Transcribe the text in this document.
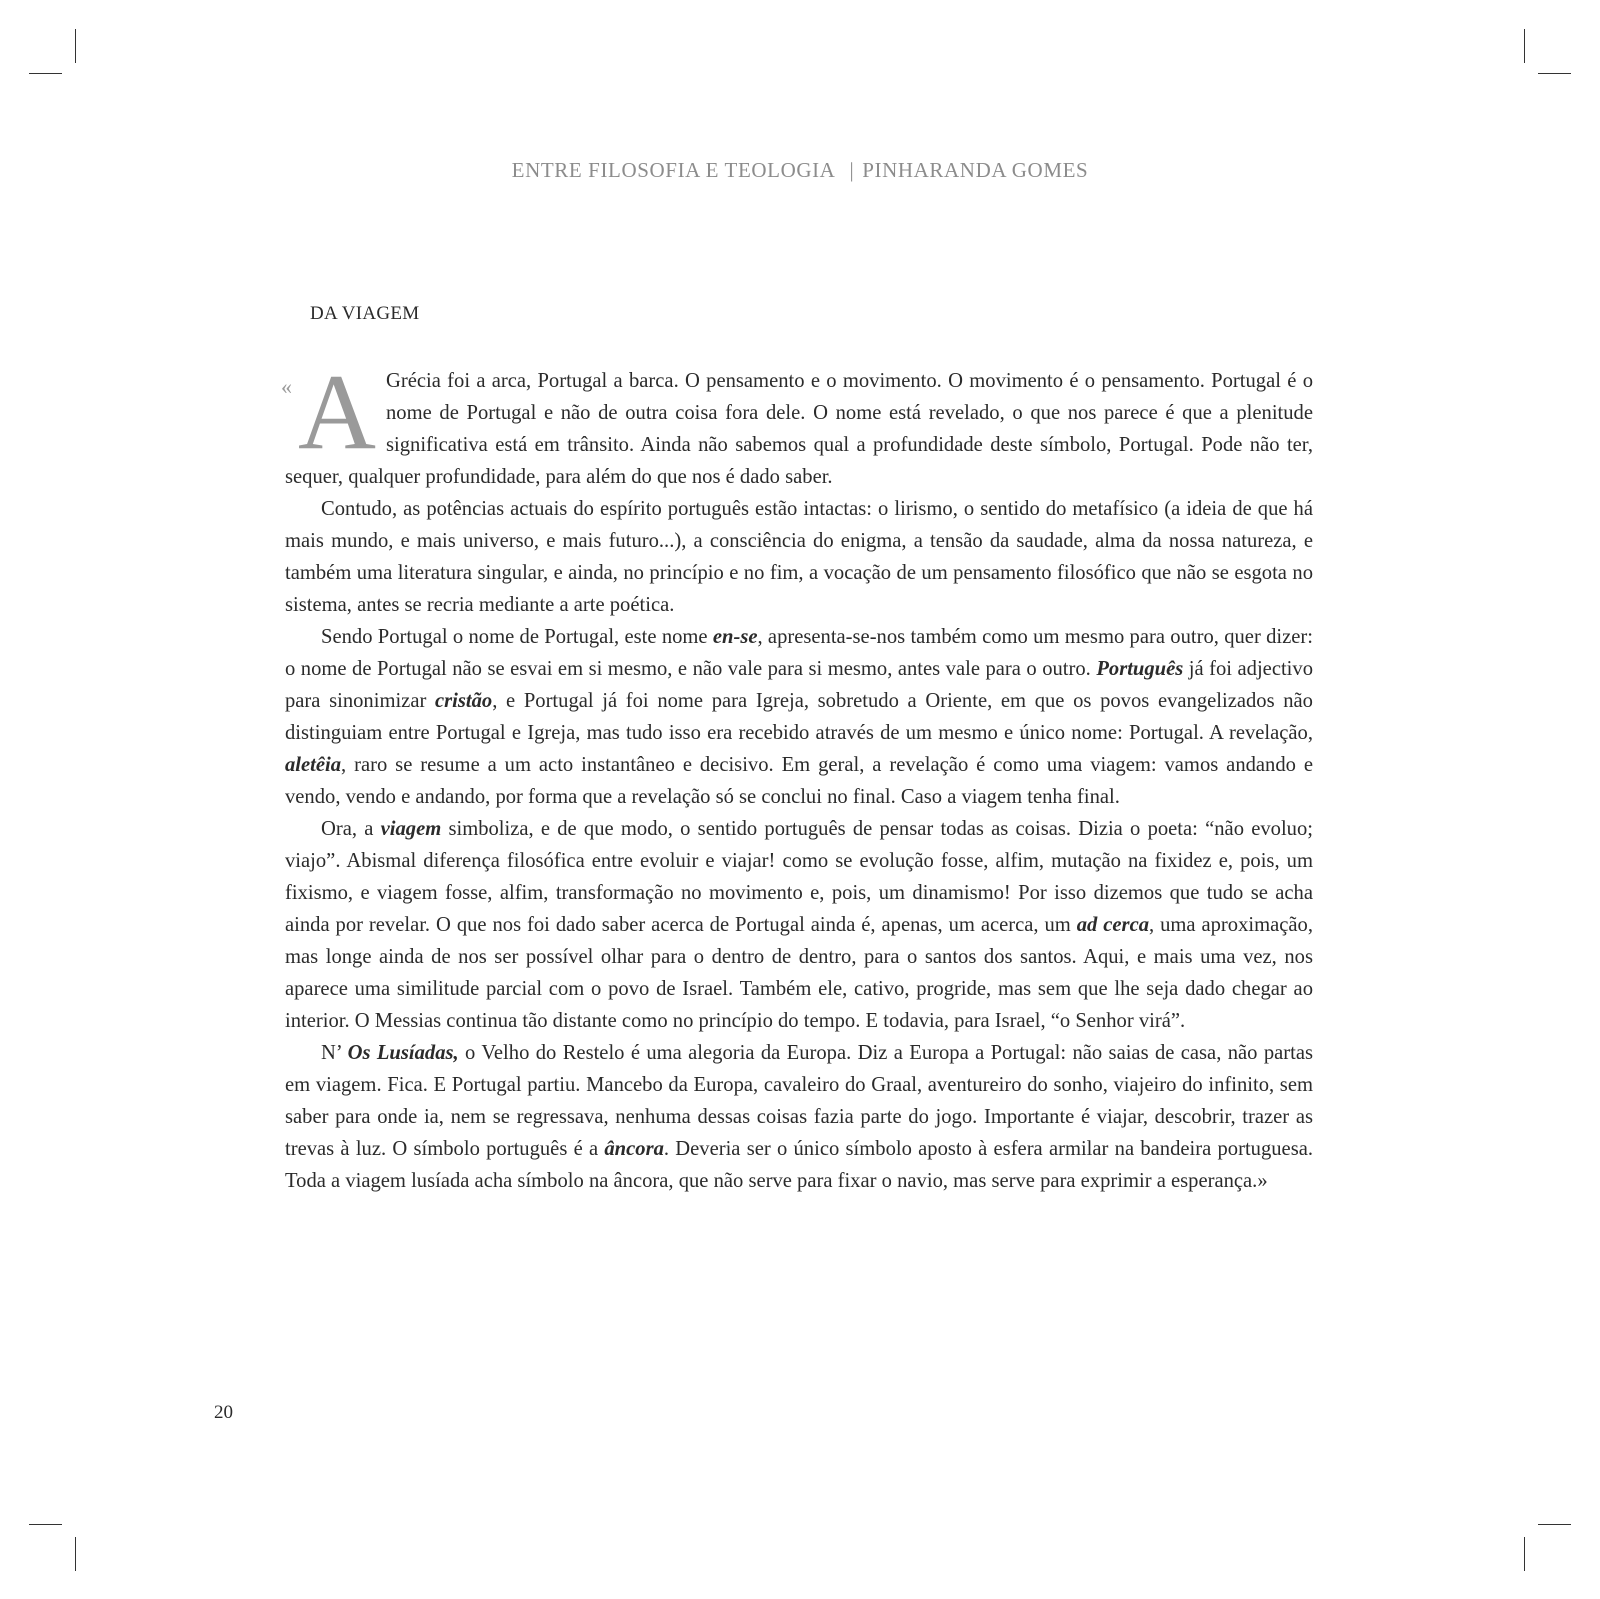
ENTRE FILOSOFIA E TEOLOGIA | PINHARANDA GOMES
DA VIAGEM

« A Grécia foi a arca, Portugal a barca. O pensamento e o movimento. O movimento é o pensamento. Portugal é o nome de Portugal e não de outra coisa fora dele. O nome está revelado, o que nos parece é que a plenitude significativa está em trânsito. Ainda não sabemos qual a profundidade deste símbolo, Portugal. Pode não ter, sequer, qualquer profundidade, para além do que nos é dado saber.

Contudo, as potências actuais do espírito português estão intactas: o lirismo, o sentido do metafísico (a ideia de que há mais mundo, e mais universo, e mais futuro...), a consciência do enigma, a tensão da saudade, alma da nossa natureza, e também uma literatura singular, e ainda, no princípio e no fim, a vocação de um pensamento filosófico que não se esgota no sistema, antes se recria mediante a arte poética.

Sendo Portugal o nome de Portugal, este nome en-se, apresenta-se-nos também como um mesmo para outro, quer dizer: o nome de Portugal não se esvai em si mesmo, e não vale para si mesmo, antes vale para o outro. Português já foi adjectivo para sinonimizar cristão, e Portugal já foi nome para Igreja, sobretudo a Oriente, em que os povos evangelizados não distinguiam entre Portugal e Igreja, mas tudo isso era recebido através de um mesmo e único nome: Portugal. A revelação, aletêia, raro se resume a um acto instantâneo e decisivo. Em geral, a revelação é como uma viagem: vamos andando e vendo, vendo e andando, por forma que a revelação só se conclui no final. Caso a viagem tenha final.

Ora, a viagem simboliza, e de que modo, o sentido português de pensar todas as coisas. Dizia o poeta: “não evoluo; viajo”. Abismal diferença filosófica entre evoluir e viajar! como se evolução fosse, alfim, mutação na fixidez e, pois, um fixismo, e viagem fosse, alfim, transformação no movimento e, pois, um dinamismo! Por isso dizemos que tudo se acha ainda por revelar. O que nos foi dado saber acerca de Portugal ainda é, apenas, um acerca, um ad cerca, uma aproximação, mas longe ainda de nos ser possível olhar para o dentro de dentro, para o santos dos santos. Aqui, e mais uma vez, nos aparece uma similitude parcial com o povo de Israel. Também ele, cativo, progride, mas sem que lhe seja dado chegar ao interior. O Messias continua tão distante como no princípio do tempo. E todavia, para Israel, “o Senhor virá”.

N’ Os Lusíadas, o Velho do Restelo é uma alegoria da Europa. Diz a Europa a Portugal: não saias de casa, não partas em viagem. Fica. E Portugal partiu. Mancebo da Europa, cavaleiro do Graal, aventureiro do sonho, viajeiro do infinito, sem saber para onde ia, nem se regressava, nenhuma dessas coisas fazia parte do jogo. Importante é viajar, descobrir, trazer as trevas à luz. O símbolo português é a âncora. Deveria ser o único símbolo aposto à esfera armilar na bandeira portuguesa. Toda a viagem lusíada acha símbolo na âncora, que não serve para fixar o navio, mas serve para exprimir a esperança.»

20
